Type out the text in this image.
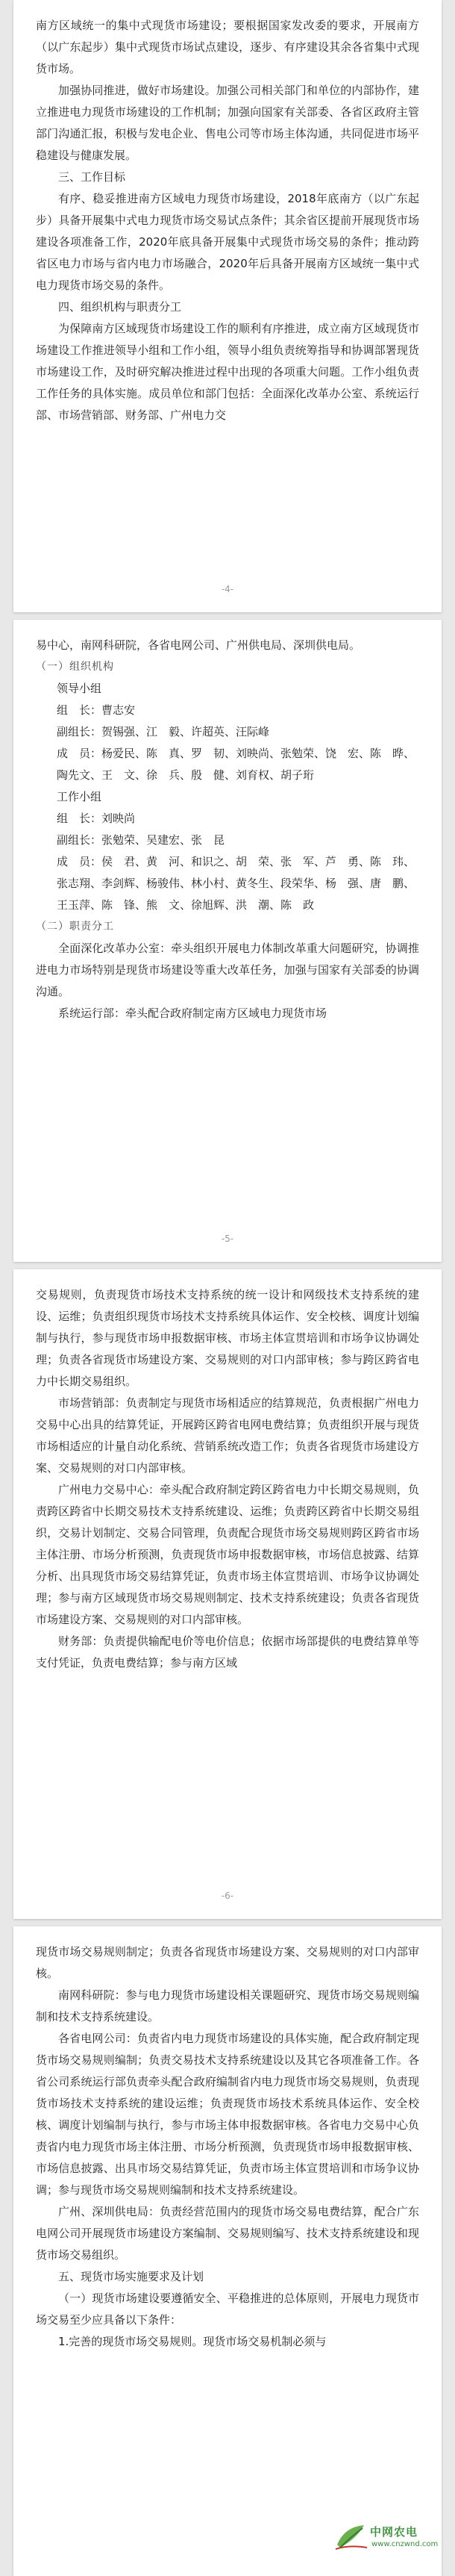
南方区域统一的集中式现货市场建设；要根据国家发改委的要求，开展南方（以广东起步）集中式现货市场试点建设，逐步、有序建设其余各省集中式现货市场。

加强协同推进，做好市场建设。加强公司相关部门和单位的内部协作，建立推进电力现货市场建设的工作机制；加强向国家有关部委、各省区政府主管部门沟通汇报，积极与发电企业、售电公司等市场主体沟通，共同促进市场平稳建设与健康发展。

三、工作目标

有序、稳妥推进南方区域电力现货市场建设，2018年底南方（以广东起步）具备开展集中式电力现货市场交易试点条件；其余省区提前开展现货市场建设各项准备工作，2020年底具备开展集中式现货市场交易的条件；推动跨省区电力市场与省内电力市场融合，2020年后具备开展南方区域统一集中式电力现货市场交易的条件。

四、组织机构与职责分工

为保障南方区域现货市场建设工作的顺利有序推进，成立南方区域现货市场建设工作推进领导小组和工作小组，领导小组负责统筹指导和协调部署现货市场建设工作，及时研究解决推进过程中出现的各项重大问题。工作小组负责工作任务的具体实施。成员单位和部门包括：全面深化改革办公室、系统运行部、市场营销部、财务部、广州电力交

-4-

易中心，南网科研院，各省电网公司、广州供电局、深圳供电局。

（一）组织机构

领导小组

组　长：曹志安

副组长：贺锡强、江　毅、许超英、汪际峰

成　员：杨爱民、陈　真、罗　韧、刘映尚、张勉荣、饶　宏、陈　晔、陶先文、王　文、徐　兵、殷　健、刘育权、胡子珩

工作小组

组　长：刘映尚

副组长：张勉荣、吴建宏、张　昆

成　员：侯　君、黄　河、和识之、胡　荣、张　军、芦　勇、陈　玮、张志翔、李剑辉、杨骏伟、林小村、黄冬生、段荣华、杨　强、唐　鹏、王玉萍、陈　锋、熊　文、徐旭辉、洪　潮、陈　政

（二）职责分工

全面深化改革办公室：牵头组织开展电力体制改革重大问题研究，协调推进电力市场特别是现货市场建设等重大改革任务，加强与国家有关部委的协调沟通。

系统运行部：牵头配合政府制定南方区域电力现货市场

-5-

交易规则，负责现货市场技术支持系统的统一设计和网级技术支持系统的建设、运维；负责组织现货市场技术支持系统具体运作、安全校核、调度计划编制与执行，参与现货市场申报数据审核、市场主体宣贯培训和市场争议协调处理；负责各省现货市场建设方案、交易规则的对口内部审核；参与跨区跨省电力中长期交易组织。

市场营销部：负责制定与现货市场相适应的结算规范，负责根据广州电力交易中心出具的结算凭证，开展跨区跨省电网电费结算；负责组织开展与现货市场相适应的计量自动化系统、营销系统改造工作；负责各省现货市场建设方案、交易规则的对口内部审核。

广州电力交易中心：牵头配合政府制定跨区跨省电力中长期交易规则，负责跨区跨省中长期交易技术支持系统建设、运维；负责跨区跨省中长期交易组织，交易计划制定、交易合同管理，负责配合现货市场交易规则跨区跨省市场主体注册、市场分析预测，负责现货市场申报数据审核，市场信息披露、结算分析、出具现货市场交易结算凭证，负责市场主体宣贯培训、市场争议协调处理；参与南方区域现货市场交易规则制定、技术支持系统建设；负责各省现货市场建设方案、交易规则的对口内部审核。

财务部：负责提供输配电价等电价信息；依据市场部提供的电费结算单等支付凭证，负责电费结算；参与南方区域

-6-

现货市场交易规则制定；负责各省现货市场建设方案、交易规则的对口内部审核。

南网科研院：参与电力现货市场建设相关课题研究、现货市场交易规则编制和技术支持系统建设。

各省电网公司：负责省内电力现货市场建设的具体实施，配合政府制定现货市场交易规则编制；负责交易技术支持系统建设以及其它各项准备工作。各省公司系统运行部负责牵头配合政府编制省内电力现货市场交易规则，负责现货市场技术支持系统的建设运维；负责现货市场技术系统具体运作、安全校核、调度计划编制与执行，参与市场主体申报数据审核。各省电力交易中心负责省内电力现货市场主体注册、市场分析预测，负责现货市场申报数据审核、市场信息披露、出具市场交易结算凭证，负责市场主体宣贯培训和市场争议协调；参与现货市场交易规则编制和技术支持系统建设。

广州、深圳供电局：负责经营范围内的现货市场交易电费结算，配合广东电网公司开展现货市场建设方案编制、交易规则编写、技术支持系统建设和现货市场交易组织。

五、现货市场实施要求及计划

（一）现货市场建设要遵循安全、平稳推进的总体原则，开展电力现货市场交易至少应具备以下条件：

1.完善的现货市场交易规则。现货市场交易机制必须与

中网农电
www.cnzwnd.com
